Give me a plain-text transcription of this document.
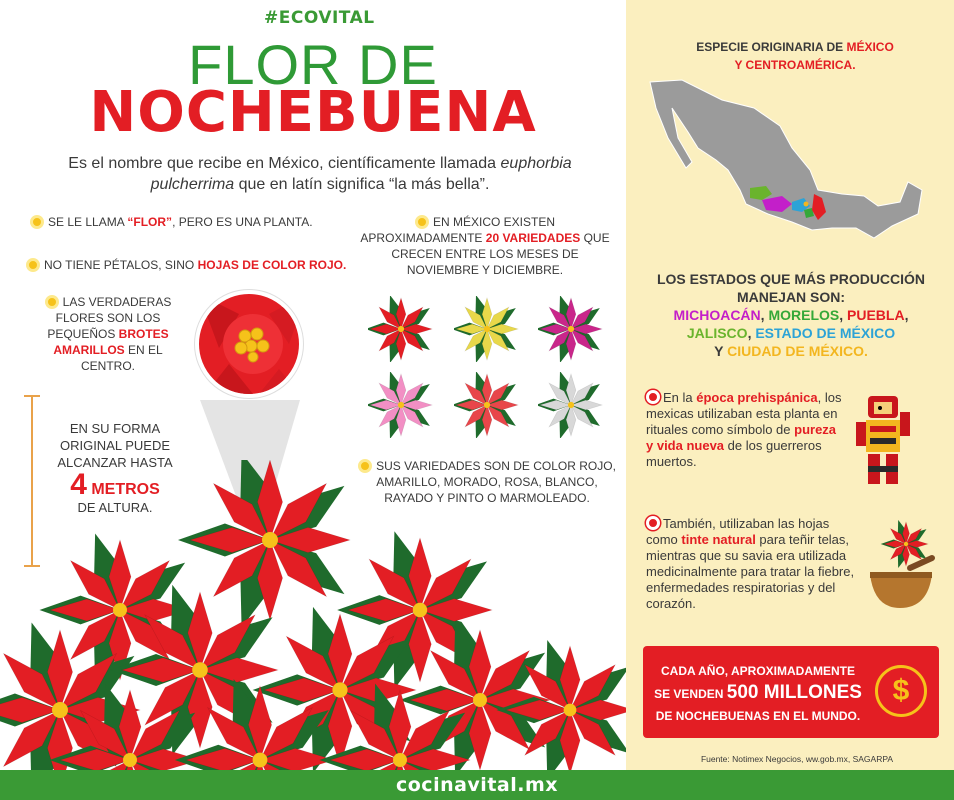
#ECOVITAL
FLOR DE
NOCHEBUENA
Es el nombre que recibe en México, científicamente llamada euphorbia pulcherrima que en latín significa “la más bella”.
SE LE LLAMA “FLOR”, PERO ES UNA PLANTA.
NO TIENE PÉTALOS, SINO HOJAS DE COLOR ROJO.
LAS VERDADERAS FLORES SON LOS PEQUEÑOS BROTES AMARILLOS EN EL CENTRO.
EN SU FORMA ORIGINAL PUEDE ALCANZAR HASTA
4 METROS
DE ALTURA.
EN MÉXICO EXISTEN APROXIMADAMENTE 20 VARIEDADES QUE CRECEN ENTRE LOS MESES DE NOVIEMBRE Y DICIEMBRE.
SUS VARIEDADES SON DE COLOR ROJO, AMARILLO, MORADO, ROSA, BLANCO, RAYADO Y PINTO O MARMOLEADO.
ESPECIE ORIGINARIA DE MÉXICO
Y CENTROAMÉRICA.
LOS ESTADOS QUE MÁS PRODUCCIÓN MANEJAN SON:
MICHOACÁN, MORELOS, PUEBLA,
JALISCO, ESTADO DE MÉXICO
Y CIUDAD DE MÉXICO.
En la época prehispánica, los mexicas utilizaban esta planta en rituales como símbolo de pureza y vida nueva de los guerreros muertos.
También, utilizaban las hojas como tinte natural para teñir telas, mientras que su savia era utilizada medicinalmente para tratar la fiebre, enfermedades respiratorias y del corazón.
CADA AÑO, APROXIMADAMENTE
SE VENDEN 500 MILLONES
DE NOCHEBUENAS EN EL MUNDO.
$
Fuente: Notimex Negocios, ww.gob.mx, SAGARPA
cocinavital.mx
